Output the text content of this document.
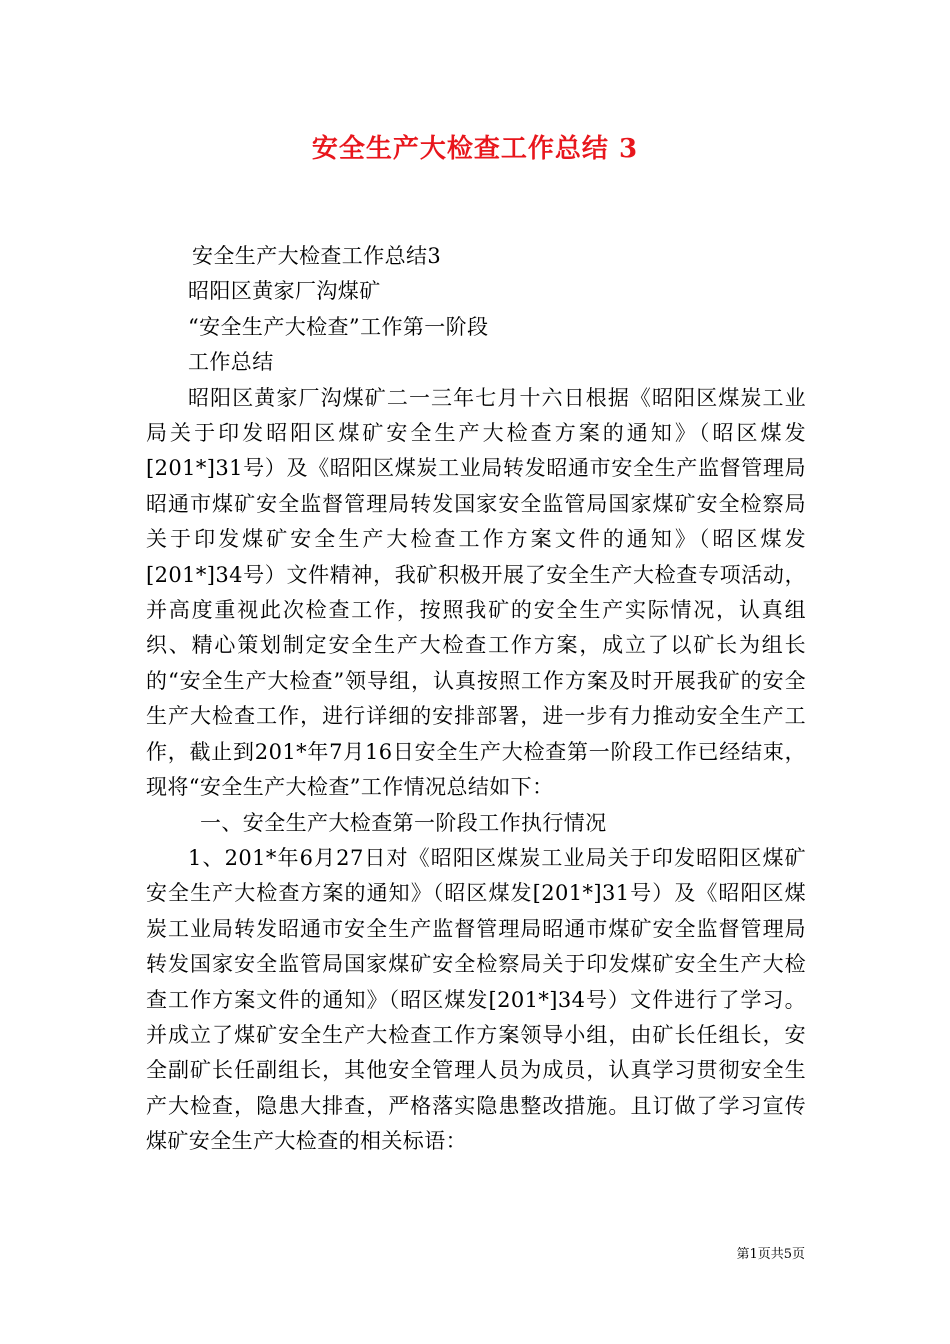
安全生产大检查工作总结 3

安全生产大检查工作总结3

昭阳区黄家厂沟煤矿

“安全生产大检查”工作第一阶段

工作总结

昭阳区黄家厂沟煤矿二一三年七月十六日根据《昭阳区煤炭工业局关于印发昭阳区煤矿安全生产大检查方案的通知》（昭区煤发[201*]31号）及《昭阳区煤炭工业局转发昭通市安全生产监督管理局昭通市煤矿安全监督管理局转发国家安全监管局国家煤矿安全检察局关于印发煤矿安全生产大检查工作方案文件的通知》（昭区煤发[201*]34号）文件精神，我矿积极开展了安全生产大检查专项活动，并高度重视此次检查工作，按照我矿的安全生产实际情况，认真组织、精心策划制定安全生产大检查工作方案，成立了以矿长为组长的“安全生产大检查”领导组，认真按照工作方案及时开展我矿的安全生产大检查工作，进行详细的安排部署，进一步有力推动安全生产工作，截止到201*年7月16日安全生产大检查第一阶段工作已经结束，现将“安全生产大检查”工作情况总结如下：

一、安全生产大检查第一阶段工作执行情况

1、201*年6月27日对《昭阳区煤炭工业局关于印发昭阳区煤矿安全生产大检查方案的通知》（昭区煤发[201*]31号）及《昭阳区煤炭工业局转发昭通市安全生产监督管理局昭通市煤矿安全监督管理局转发国家安全监管局国家煤矿安全检察局关于印发煤矿安全生产大检查工作方案文件的通知》（昭区煤发[201*]34号）文件进行了学习。并成立了煤矿安全生产大检查工作方案领导小组，由矿长任组长，安全副矿长任副组长，其他安全管理人员为成员，认真学习贯彻安全生产大检查，隐患大排查，严格落实隐患整改措施。且订做了学习宣传煤矿安全生产大检查的相关标语：

第1页共5页
